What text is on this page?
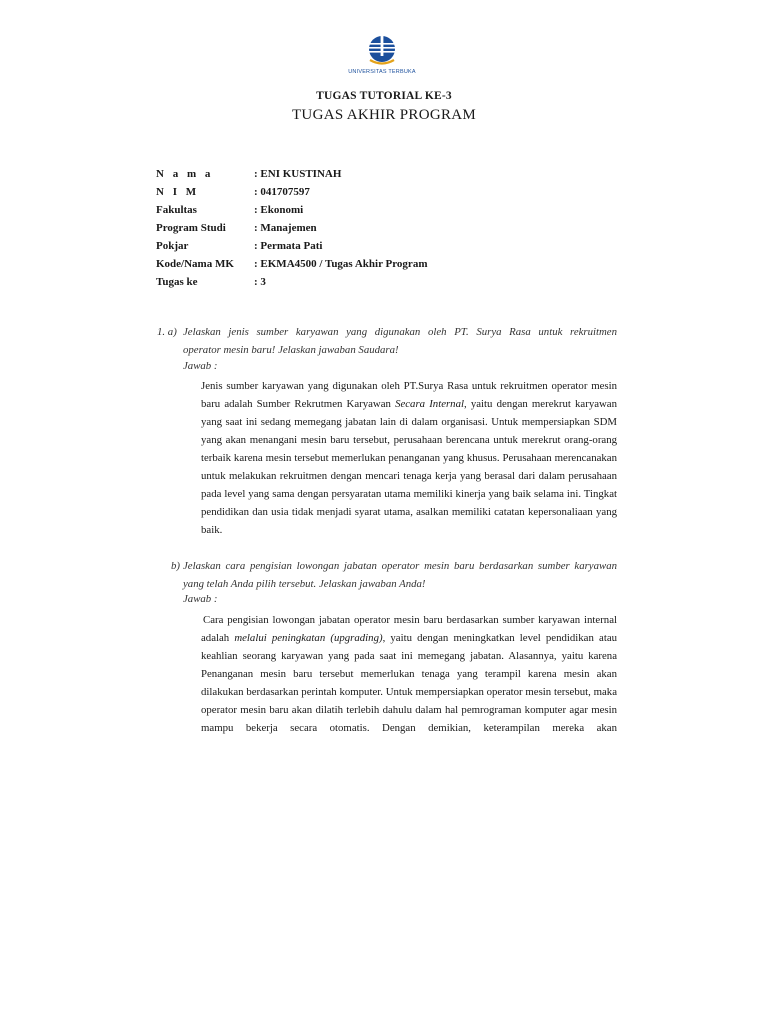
UNIVERSITAS TERBUKA
TUGAS TUTORIAL KE-3
TUGAS AKHIR PROGRAM
N a m a	: ENI KUSTINAH
N I M	: 041707597
Fakultas	: Ekonomi
Program Studi	: Manajemen
Pokjar	: Permata Pati
Kode/Nama MK : EKMA4500 / Tugas Akhir Program
Tugas ke	: 3
1. a) Jelaskan jenis sumber karyawan yang digunakan oleh PT. Surya Rasa untuk rekruitmen
operator mesin baru! Jelaskan jawaban Saudara!
Jawab :

Jenis sumber karyawan yang digunakan oleh PT.Surya Rasa untuk rekruitmen operator mesin baru adalah Sumber Rekrutmen Karyawan Secara Internal, yaitu dengan merekrut karyawan yang saat ini sedang memegang jabatan lain di dalam organisasi. Untuk mempersiapkan SDM yang akan menangani mesin baru tersebut, perusahaan berencana untuk merekrut orang-orang terbaik karena mesin tersebut memerlukan penanganan yang khusus. Perusahaan merencanakan untuk melakukan rekruitmen dengan mencari tenaga kerja yang berasal dari dalam perusahaan pada level yang sama dengan persyaratan utama memiliki kinerja yang baik selama ini. Tingkat pendidikan dan usia tidak menjadi syarat utama, asalkan memiliki catatan kepersonaliaan yang baik.

b) Jelaskan cara pengisian lowongan jabatan operator mesin baru berdasarkan sumber karyawan
yang telah Anda pilih tersebut. Jelaskan jawaban Anda!
Jawab :

Cara pengisian lowongan jabatan operator mesin baru berdasarkan sumber karyawan internal adalah melalui peningkatan (upgrading), yaitu dengan meningkatkan level pendidikan atau keahlian seorang karyawan yang pada saat ini memegang jabatan. Alasannya, yaitu karena Penanganan mesin baru tersebut memerlukan tenaga yang terampil karena mesin akan dilakukan berdasarkan perintah komputer. Untuk mempersiapkan operator mesin tersebut, maka operator mesin baru akan dilatih terlebih dahulu dalam hal pemrograman komputer agar mesin mampu bekerja secara otomatis. Dengan demikian, keterampilan mereka akan
